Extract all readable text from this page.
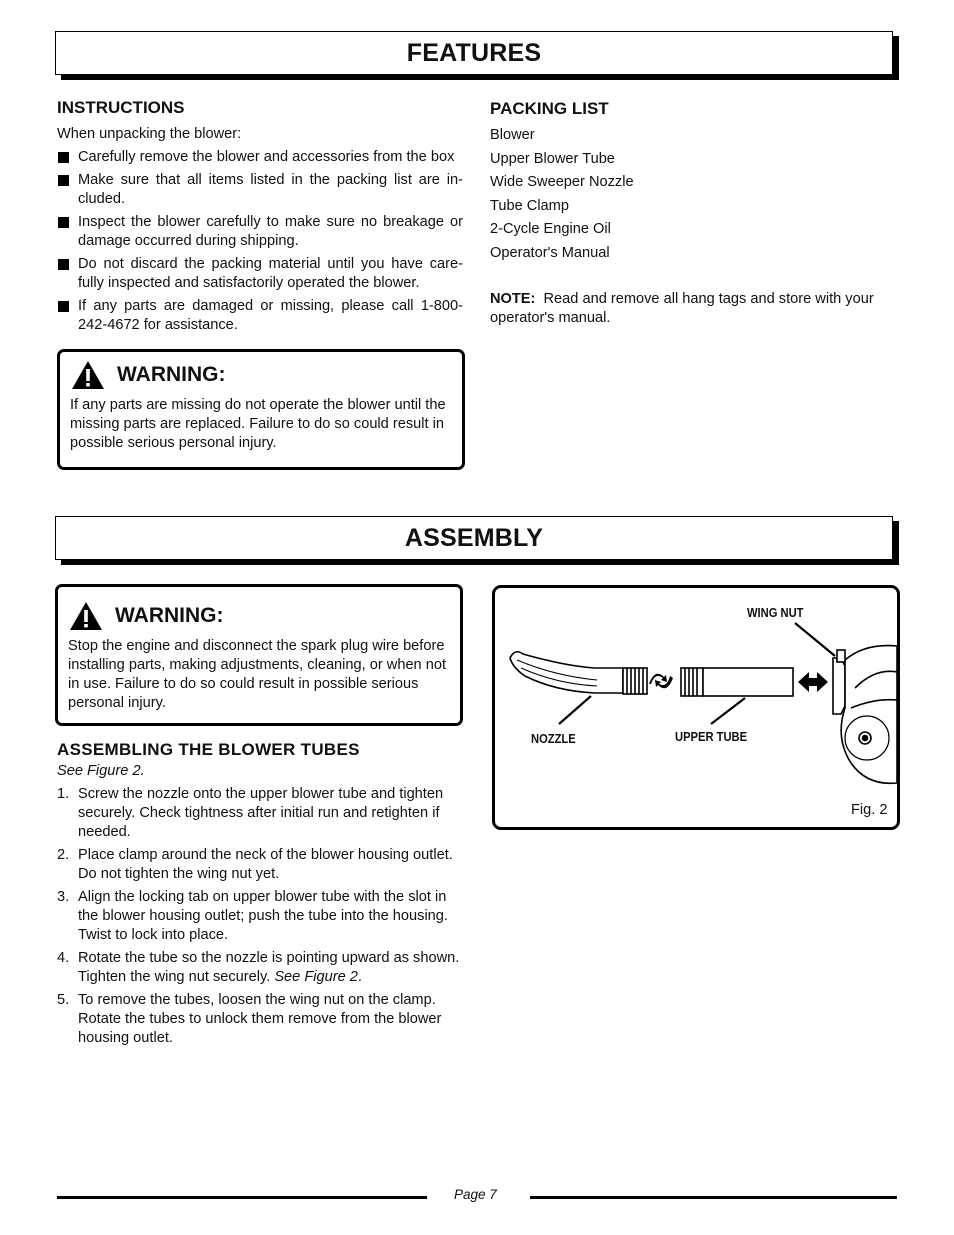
FEATURES
INSTRUCTIONS
When unpacking the blower:
Carefully remove the blower and accessories from the box
Make sure that all items listed in the packing list are in-cluded.
Inspect the blower carefully to make sure no breakage or damage occurred during shipping.
Do not discard the packing material until you have care-fully inspected and satisfactorily operated the blower.
If any parts are damaged or missing, please call 1-800-242-4672 for assistance.
WARNING:
If any parts are missing do not operate the blower until the missing parts are replaced. Failure to do so could result in possible serious personal injury.
PACKING LIST
Blower
Upper Blower Tube
Wide Sweeper Nozzle
Tube Clamp
2-Cycle Engine Oil
Operator's Manual
NOTE: Read and remove all hang tags and store with your operator's manual.
ASSEMBLY
WARNING:
Stop the engine and disconnect the spark plug wire before installing parts, making adjustments, cleaning, or when not in use. Failure to do so could result in possible serious personal injury.
ASSEMBLING THE BLOWER TUBES
See Figure 2.
1. Screw the nozzle onto the upper blower tube and tighten securely. Check tightness after initial run and retighten if needed.
2. Place clamp around the neck of the blower housing outlet. Do not tighten the wing nut yet.
3. Align the locking tab on upper blower tube with the slot in the blower housing outlet; push the tube into the housing. Twist to lock into place.
4. Rotate the tube so the nozzle is pointing upward as shown. Tighten the wing nut securely. See Figure 2.
5. To remove the tubes, loosen the wing nut on the clamp. Rotate the tubes to unlock them remove from the blower housing outlet.
WING NUT
NOZZLE	UPPER TUBE
Fig. 2
Page 7
